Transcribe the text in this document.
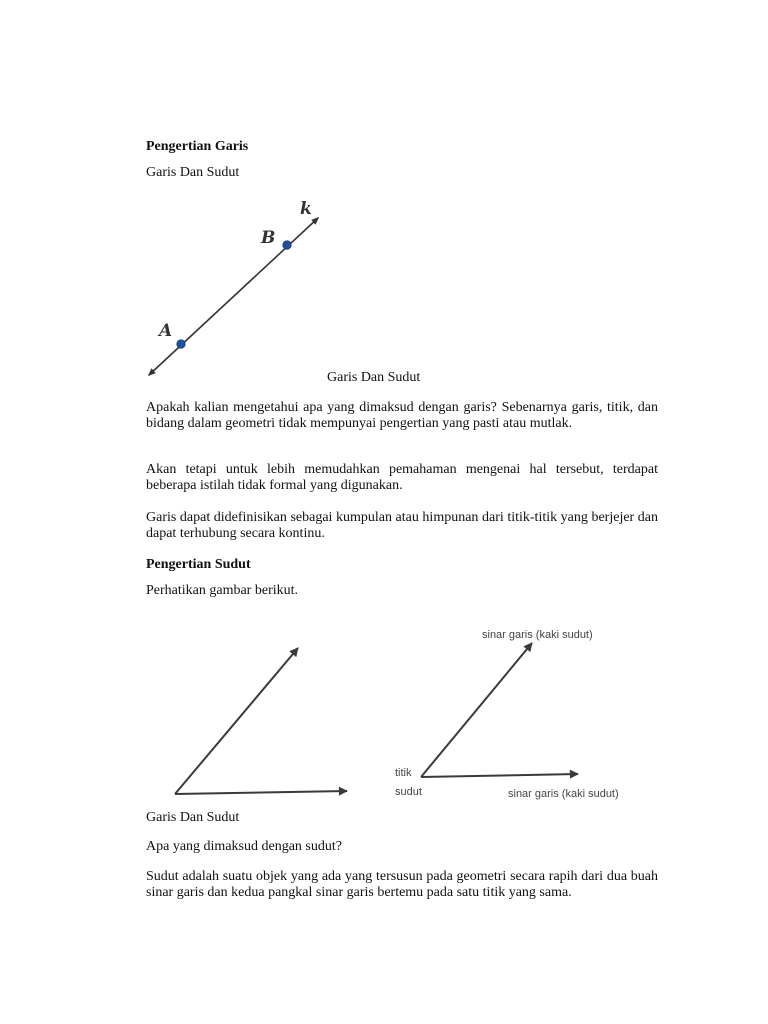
Pengertian Garis
Garis Dan Sudut
k
B
A
Garis Dan Sudut
Apakah kalian mengetahui apa yang dimaksud dengan garis? Sebenarnya garis, titik, dan bidang dalam geometri tidak mempunyai pengertian yang pasti atau mutlak.
Akan tetapi untuk lebih memudahkan pemahaman mengenai hal tersebut, terdapat beberapa istilah tidak formal yang digunakan.
Garis dapat didefinisikan sebagai kumpulan atau himpunan dari titik-titik yang berjejer dan dapat terhubung secara kontinu.
Pengertian Sudut
Perhatikan gambar berikut.
sinar garis (kaki sudut)
sinar garis (kaki sudut)
titik
sudut
Garis Dan Sudut
Apa yang dimaksud dengan sudut?
Sudut adalah suatu objek yang ada yang tersusun pada geometri secara rapih dari dua buah sinar garis dan kedua pangkal sinar garis bertemu pada satu titik yang sama.
